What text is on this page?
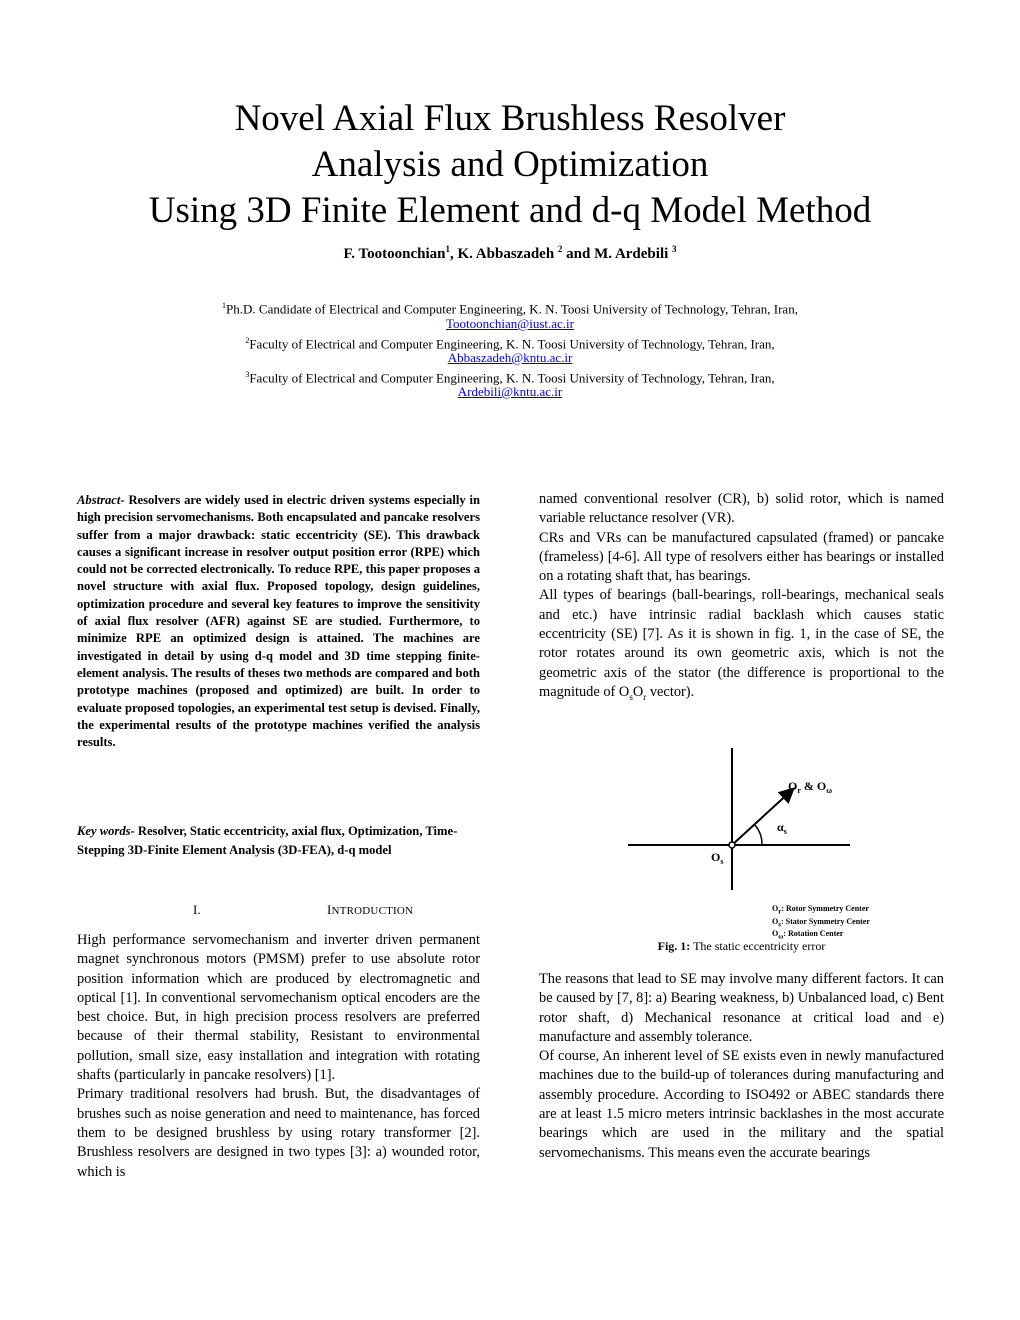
Novel Axial Flux Brushless Resolver
Analysis and Optimization
Using 3D Finite Element and d-q Model Method
F. Tootoonchian$^1$, K. Abbaszadeh $^2$ and M. Ardebili $^3$
$^1$Ph.D. Candidate of Electrical and Computer Engineering, K. N. Toosi University of Technology, Tehran, Iran,
Tootoonchian@iust.ac.ir
$^2$Faculty of Electrical and Computer Engineering, K. N. Toosi University of Technology, Tehran, Iran,
Abbaszadeh@kntu.ac.ir
$^3$Faculty of Electrical and Computer Engineering, K. N. Toosi University of Technology, Tehran, Iran,
Ardebili@kntu.ac.ir
Abstract- Resolvers are widely used in electric driven systems especially in high precision servomechanisms. Both encapsulated and pancake resolvers suffer from a major drawback: static eccentricity (SE). This drawback causes a significant increase in resolver output position error (RPE) which could not be corrected electronically. To reduce RPE, this paper proposes a novel structure with axial flux. Proposed topology, design guidelines, optimization procedure and several key features to improve the sensitivity of axial flux resolver (AFR) against SE are studied. Furthermore, to minimize RPE an optimized design is attained. The machines are investigated in detail by using d-q model and 3D time stepping finite-element analysis. The results of theses two methods are compared and both prototype machines (proposed and optimized) are built. In order to evaluate proposed topologies, an experimental test setup is devised. Finally, the experimental results of the prototype machines verified the analysis results.
Key words- Resolver, Static eccentricity, axial flux, Optimization, Time-Stepping 3D-Finite Element Analysis (3D-FEA), d-q model
I.	INTRODUCTION

High performance servomechanism and inverter driven permanent magnet synchronous motors (PMSM) prefer to use absolute rotor position information which are produced by electromagnetic and optical [1]. In conventional servomechanism optical encoders are the best choice. But, in high precision process resolvers are preferred because of their thermal stability, Resistant to environmental pollution, small size, easy installation and integration with rotating shafts (particularly in pancake resolvers) [1].

Primary traditional resolvers had brush. But, the disadvantages of brushes such as noise generation and need to maintenance, has forced them to be designed brushless by using rotary transformer [2]. Brushless resolvers are designed in two types [3]: a) wounded rotor, which is

named conventional resolver (CR), b) solid rotor, which is named variable reluctance resolver (VR).

CRs and VRs can be manufactured capsulated (framed) or pancake (frameless) [4-6]. All type of resolvers either has bearings or installed on a rotating shaft that, has bearings.

All types of bearings (ball-bearings, roll-bearings, mechanical seals and etc.) have intrinsic radial backlash which causes static eccentricity (SE) [7]. As it is shown in fig. 1, in the case of SE, the rotor rotates around its own geometric axis, which is not the geometric axis of the stator (the difference is proportional to the magnitude of $O_sO_r$ vector).

$O_r$ & $O_\omega$
$\alpha_s$
$O_s$
$O_r$: Rotor Symmetry Center
$O_s$: Stator Symmetry Center
$O_\omega$: Rotation Center
Fig. 1: The static eccentricity error

The reasons that lead to SE may involve many different factors. It can be caused by [7, 8]: a) Bearing weakness, b) Unbalanced load, c) Bent rotor shaft, d) Mechanical resonance at critical load and e) manufacture and assembly tolerance.

Of course, An inherent level of SE exists even in newly manufactured machines due to the build-up of tolerances during manufacturing and assembly procedure. According to ISO492 or ABEC standards there are at least 1.5 micro meters intrinsic backlashes in the most accurate bearings which are used in the military and the spatial servomechanisms. This means even the accurate bearings
